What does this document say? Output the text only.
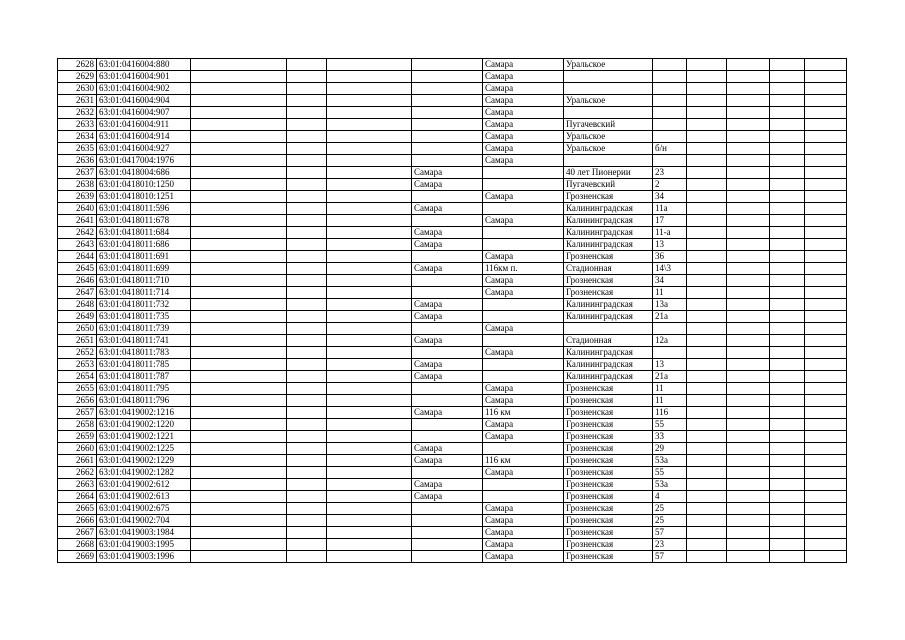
2628	63:01:0416004:880					Самара	Уральское					
2629	63:01:0416004:901					Самара						
2630	63:01:0416004:902					Самара						
2631	63:01:0416004:904					Самара	Уральское					
2632	63:01:0416004:907					Самара						
2633	63:01:0416004:911					Самара	Пугачевский					
2634	63:01:0416004:914					Самара	Уральское					
2635	63:01:0416004:927					Самара	Уральское	б/н				
2636	63:01:0417004:1976					Самара						
2637	63:01:0418004:686				Самара		40 лет Пионерии	23				
2638	63:01:0418010:1250				Самара		Пугачевский	2				
2639	63:01:0418010:1251					Самара	Грозненская	34				
2640	63:01:0418011:596				Самара		Калининградская	11а				
2641	63:01:0418011:678					Самара	Калининградская	17				
2642	63:01:0418011:684				Самара		Калининградская	11-а				
2643	63:01:0418011:686				Самара		Калининградская	13				
2644	63:01:0418011:691					Самара	Грозненская	36				
2645	63:01:0418011:699				Самара	116км п.	Стадионная	14\3				
2646	63:01:0418011:710					Самара	Грозненская	34				
2647	63:01:0418011:714					Самара	Грозненская	11				
2648	63:01:0418011:732				Самара		Калининградская	13а				
2649	63:01:0418011:735				Самара		Калининградская	21а				
2650	63:01:0418011:739					Самара						
2651	63:01:0418011:741				Самара		Стадионная	12а				
2652	63:01:0418011:783					Самара	Калининградская					
2653	63:01:0418011:785				Самара		Калининградская	13				
2654	63:01:0418011:787				Самара		Калининградская	21а				
2655	63:01:0418011:795					Самара	Грозненская	11				
2656	63:01:0418011:796					Самара	Грозненская	11				
2657	63:01:0419002:1216				Самара	116 км	Грозненская	116				
2658	63:01:0419002:1220					Самара	Грозненская	55				
2659	63:01:0419002:1221					Самара	Грозненская	33				
2660	63:01:0419002:1225				Самара		Грозненская	29				
2661	63:01:0419002:1229				Самара	116 км	Грозненская	53а				
2662	63:01:0419002:1282					Самара	Грозненская	55				
2663	63:01:0419002:612				Самара		Грозненская	53а				
2664	63:01:0419002:613				Самара		Грозненская	4				
2665	63:01:0419002:675					Самара	Грозненская	25				
2666	63:01:0419002:704					Самара	Грозненская	25				
2667	63:01:0419003:1984					Самара	Грозненская	57				
2668	63:01:0419003:1995					Самара	Грозненская	23				
2669	63:01:0419003:1996					Самара	Грозненская	57				
